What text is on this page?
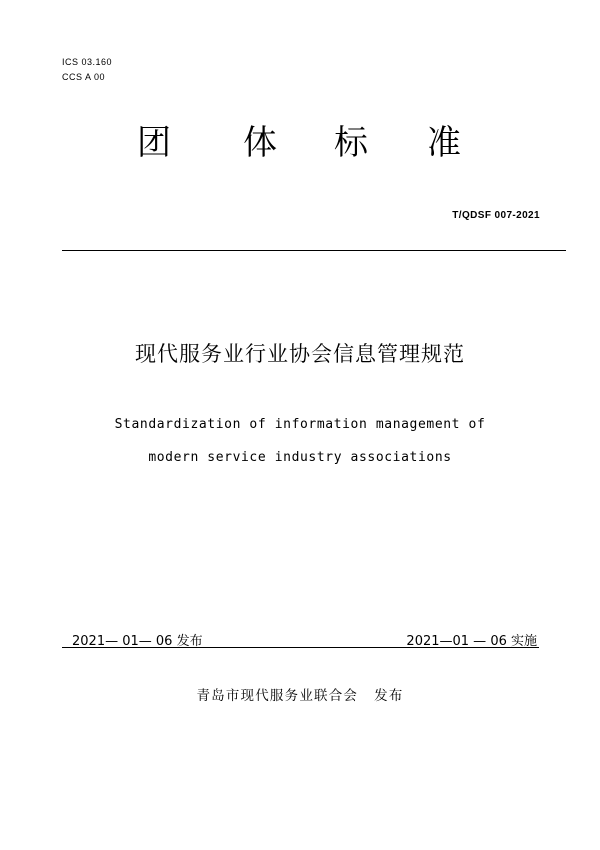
ICS 03.160
CCS A 00
团 体 标 准
T/QDSF 007-2021
现代服务业行业协会信息管理规范
Standardization of information management of
modern service industry associations
2021— 01— 06 发布	2021—01 — 06 实施
青岛市现代服务业联合会 发布
